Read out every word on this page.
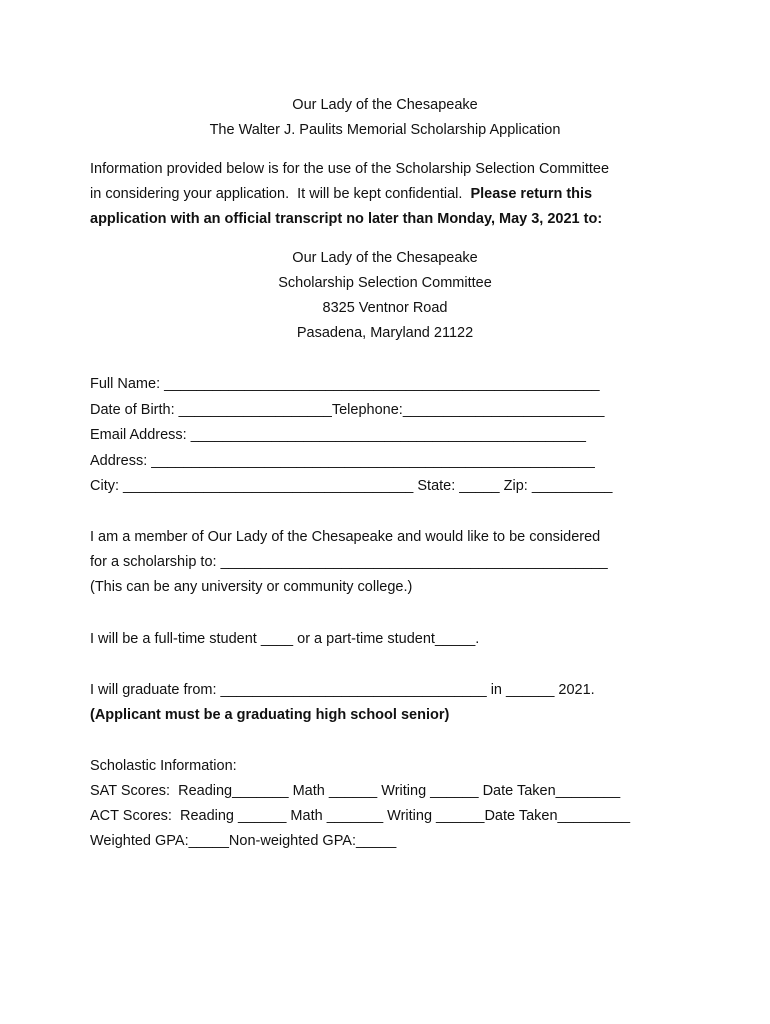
Our Lady of the Chesapeake
The Walter J. Paulits Memorial Scholarship Application
Information provided below is for the use of the Scholarship Selection Committee
in considering your application.  It will be kept confidential.  Please return this
application with an official transcript no later than Monday, May 3, 2021 to:
Our Lady of the Chesapeake
Scholarship Selection Committee
8325 Ventnor Road
Pasadena, Maryland 21122
Full Name: ______________________________________________________
Date of Birth: ___________________Telephone:_________________________
Email Address: _________________________________________________
Address: _______________________________________________________
City: ____________________________________ State: _____ Zip: __________
I am a member of Our Lady of the Chesapeake and would like to be considered
for a scholarship to: ________________________________________________
(This can be any university or community college.)
I will be a full-time student ____ or a part-time student_____.
I will graduate from: _________________________________ in ______ 2021.
(Applicant must be a graduating high school senior)
Scholastic Information:
SAT Scores:  Reading_______ Math ______ Writing ______ Date Taken________
ACT Scores:  Reading ______ Math _______ Writing ______Date Taken_________
Weighted GPA:_____Non-weighted GPA:_____
